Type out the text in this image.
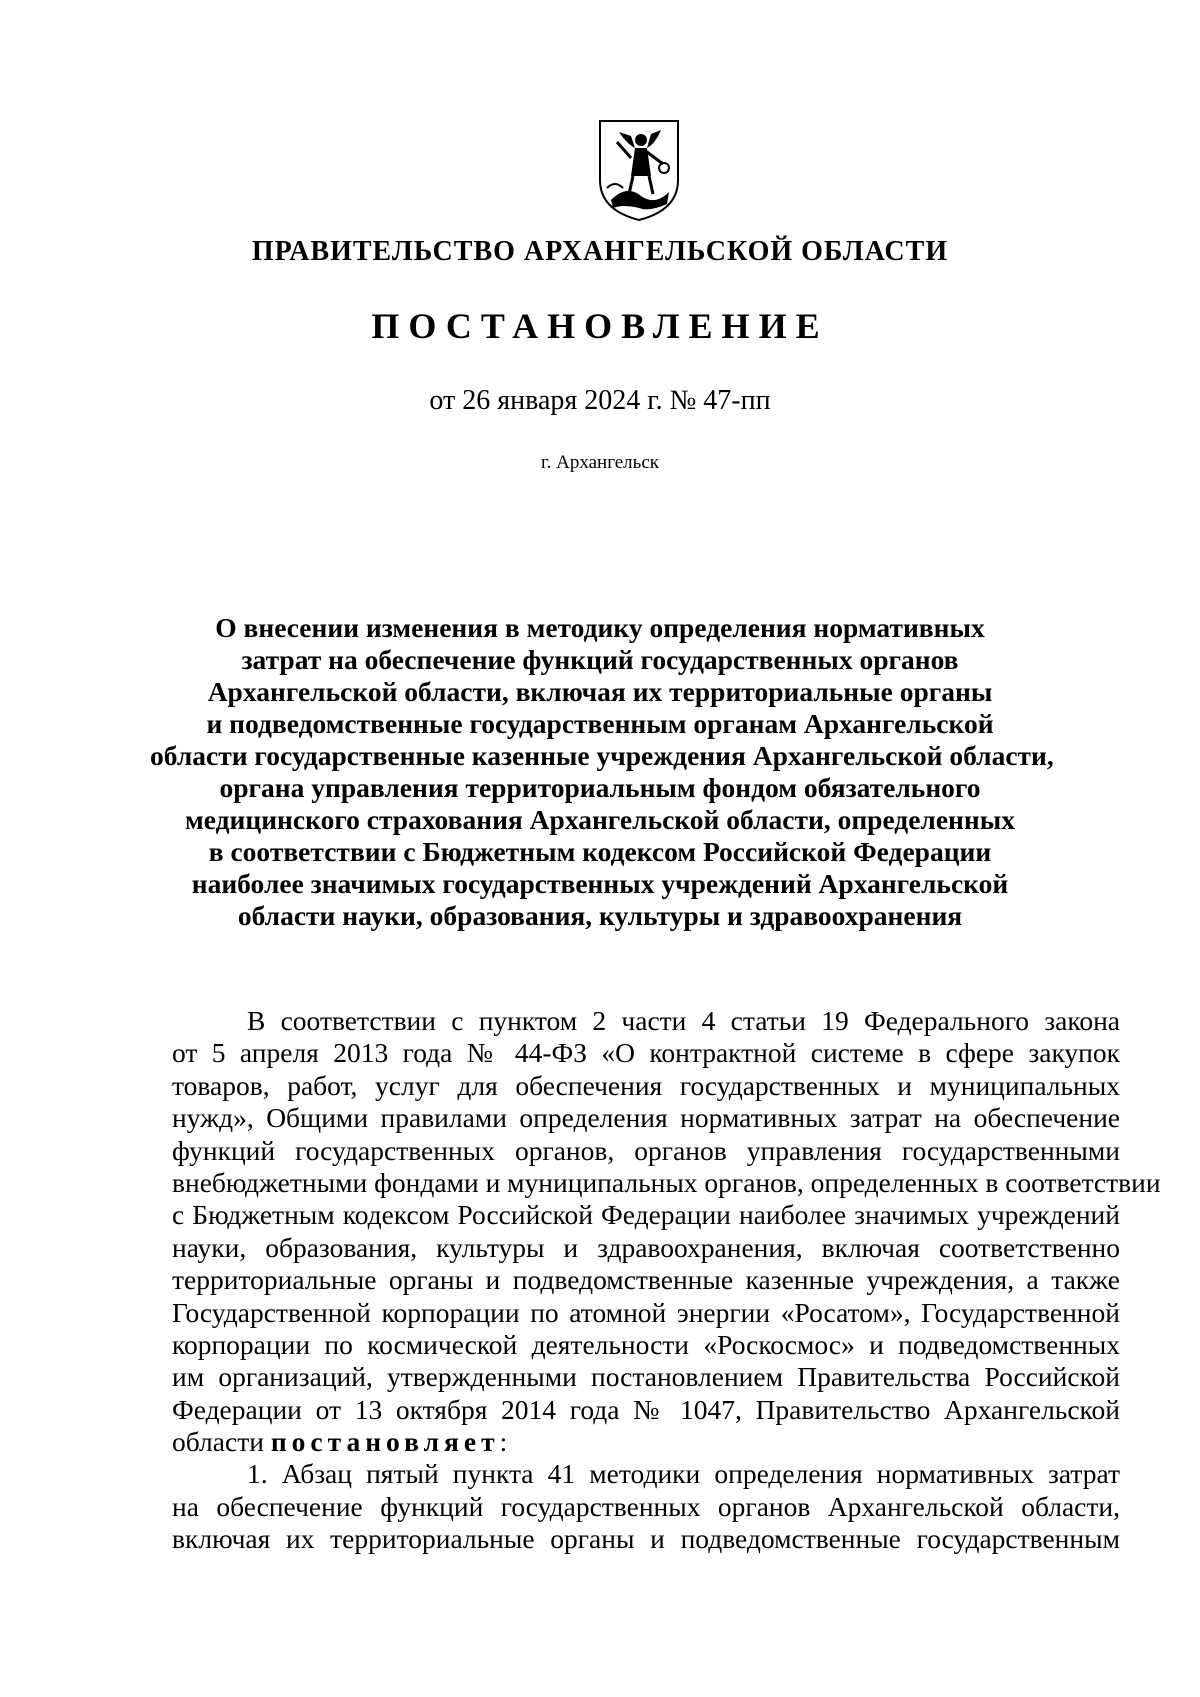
ПРАВИТЕЛЬСТВО АРХАНГЕЛЬСКОЙ ОБЛАСТИ
ПОСТАНОВЛЕНИЕ
от 26 января 2024 г. № 47-пп
г. Архангельск
О внесении изменения в методику определения нормативных
затрат на обеспечение функций государственных органов
Архангельской области, включая их территориальные органы
и подведомственные государственным органам Архангельской
области государственные казенные учреждения Архангельской области,
органа управления территориальным фондом обязательного
медицинского страхования Архангельской области, определенных
в соответствии с Бюджетным кодексом Российской Федерации
наиболее значимых государственных учреждений Архангельской
области науки, образования, культуры и здравоохранения
В соответствии с пунктом 2 части 4 статьи 19 Федерального закона
от 5 апреля 2013 года № 44-ФЗ «О контрактной системе в сфере закупок
товаров, работ, услуг для обеспечения государственных и муниципальных
нужд», Общими правилами определения нормативных затрат на обеспечение
функций государственных органов, органов управления государственными
внебюджетными фондами и муниципальных органов, определенных в соответствии
с Бюджетным кодексом Российской Федерации наиболее значимых учреждений
науки, образования, культуры и здравоохранения, включая соответственно
территориальные органы и подведомственные казенные учреждения, а также
Государственной корпорации по атомной энергии «Росатом», Государственной
корпорации по космической деятельности «Роскосмос» и подведомственных
им организаций, утвержденными постановлением Правительства Российской
Федерации от 13 октября 2014 года № 1047, Правительство Архангельской
области постановляет:
1. Абзац пятый пункта 41 методики определения нормативных затрат
на обеспечение функций государственных органов Архангельской области,
включая их территориальные органы и подведомственные государственным
